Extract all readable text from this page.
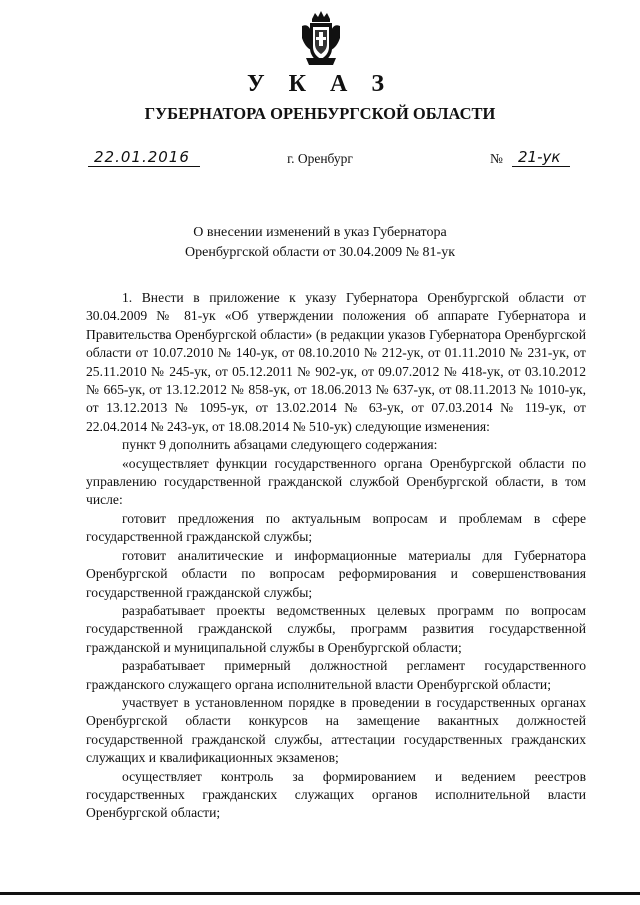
У К А З
ГУБЕРНАТОРА ОРЕНБУРГСКОЙ ОБЛАСТИ
22.01.2016	г. Оренбург	№ 21-ук
О внесении изменений в указ Губернатора
Оренбургской области от 30.04.2009 № 81-ук

1. Внести в приложение к указу Губернатора Оренбургской области от 30.04.2009 № 81-ук «Об утверждении положения об аппарате Губернатора и Правительства Оренбургской области» (в редакции указов Губернатора Оренбургской области от 10.07.2010 № 140-ук, от 08.10.2010 № 212-ук, от 01.11.2010 № 231-ук, от 25.11.2010 № 245-ук, от 05.12.2011 № 902-ук, от 09.07.2012 № 418-ук, от 03.10.2012 № 665-ук, от 13.12.2012 № 858-ук, от 18.06.2013 № 637-ук, от 08.11.2013 № 1010-ук, от 13.12.2013 № 1095-ук, от 13.02.2014 № 63-ук, от 07.03.2014 № 119-ук, от 22.04.2014 № 243-ук, от 18.08.2014 № 510-ук) следующие изменения:

пункт 9 дополнить абзацами следующего содержания:

«осуществляет функции государственного органа Оренбургской области по управлению государственной гражданской службой Оренбургской области, в том числе:

готовит предложения по актуальным вопросам и проблемам в сфере государственной гражданской службы;

готовит аналитические и информационные материалы для Губернатора Оренбургской области по вопросам реформирования и совершенствования государственной гражданской службы;

разрабатывает проекты ведомственных целевых программ по вопросам государственной гражданской службы, программ развития государственной гражданской и муниципальной службы в Оренбургской области;

разрабатывает примерный должностной регламент государственного гражданского служащего органа исполнительной власти Оренбургской области;

участвует в установленном порядке в проведении в государственных органах Оренбургской области конкурсов на замещение вакантных должностей государственной гражданской службы, аттестации государственных гражданских служащих и квалификационных экзаменов;

осуществляет контроль за формированием и ведением реестров государственных гражданских служащих органов исполнительной власти Оренбургской области;
